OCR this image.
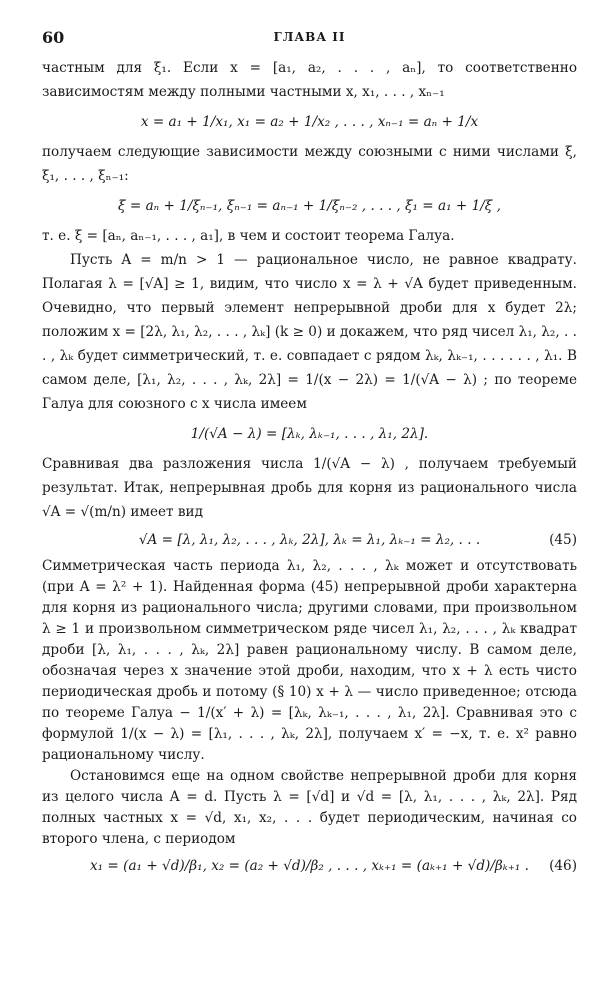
60	ГЛАВА II

частным для ξ₁. Если x = [a₁, a₂, . . . , aₙ], то соответственно зависимостям между полными частными x, x₁, . . . , xₙ₋₁

x = a₁ + 1/x₁, x₁ = a₂ + 1/x₂ , . . . , xₙ₋₁ = aₙ + 1/x

получаем следующие зависимости между союзными с ними числами ξ, ξ₁, . . . , ξₙ₋₁:

ξ = aₙ + 1/ξₙ₋₁, ξₙ₋₁ = aₙ₋₁ + 1/ξₙ₋₂ , . . . , ξ₁ = a₁ + 1/ξ ,

т. е. ξ = [aₙ, aₙ₋₁, . . . , a₁], в чем и состоит теорема Галуа.

Пусть A = m/n > 1 — рациональное число, не равное квадрату. Полагая λ = [√A] ≥ 1, видим, что число x = λ + √A будет приведенным. Очевидно, что первый элемент непрерывной дроби для x будет 2λ; положим x = [2λ, λ₁, λ₂, . . . , λₖ] (k ≥ 0) и докажем, что ряд чисел λ₁, λ₂, . . . , λₖ будет симметрический, т. е. совпадает с рядом λₖ, λₖ₋₁, . . . . . . , λ₁. В самом деле, [λ₁, λ₂, . . . , λₖ, 2λ] = 1/(x − 2λ) = 1/(√A − λ) ; по теореме Галуа для союзного с x числа имеем

1/(√A − λ) = [λₖ, λₖ₋₁, . . . , λ₁, 2λ].

Сравнивая два разложения числа 1/(√A − λ) , получаем требуемый результат. Итак, непрерывная дробь для корня из рационального числа √A = √(m/n) имеет вид

√A = [λ, λ₁, λ₂, . . . , λₖ, 2λ], λₖ = λ₁, λₖ₋₁ = λ₂, . . .	(45)

Симметрическая часть периода λ₁, λ₂, . . . , λₖ может и отсутствовать (при A = λ² + 1). Найденная форма (45) непрерывной дроби характерна для корня из рационального числа; другими словами, при произвольном λ ≥ 1 и произвольном симметрическом ряде чисел λ₁, λ₂, . . . , λₖ квадрат дроби [λ, λ₁, . . . , λₖ, 2λ] равен рациональному числу. В самом деле, обозначая через x значение этой дроби, находим, что x + λ есть чисто периодическая дробь и потому (§ 10) x + λ — число приведенное; отсюда по теореме Галуа − 1/(x′ + λ) = [λₖ, λₖ₋₁, . . . , λ₁, 2λ]. Сравнивая это с формулой 1/(x − λ) = [λ₁, . . . , λₖ, 2λ], получаем x′ = −x, т. е. x² равно рациональному числу.

Остановимся еще на одном свойстве непрерывной дроби для корня из целого числа A = d. Пусть λ = [√d] и √d = [λ, λ₁, . . . , λₖ, 2λ]. Ряд полных частных x = √d, x₁, x₂, . . . будет периодическим, начиная со второго члена, с периодом

x₁ = (a₁ + √d)/β₁, x₂ = (a₂ + √d)/β₂ , . . . , xₖ₊₁ = (aₖ₊₁ + √d)/βₖ₊₁ . (46)
